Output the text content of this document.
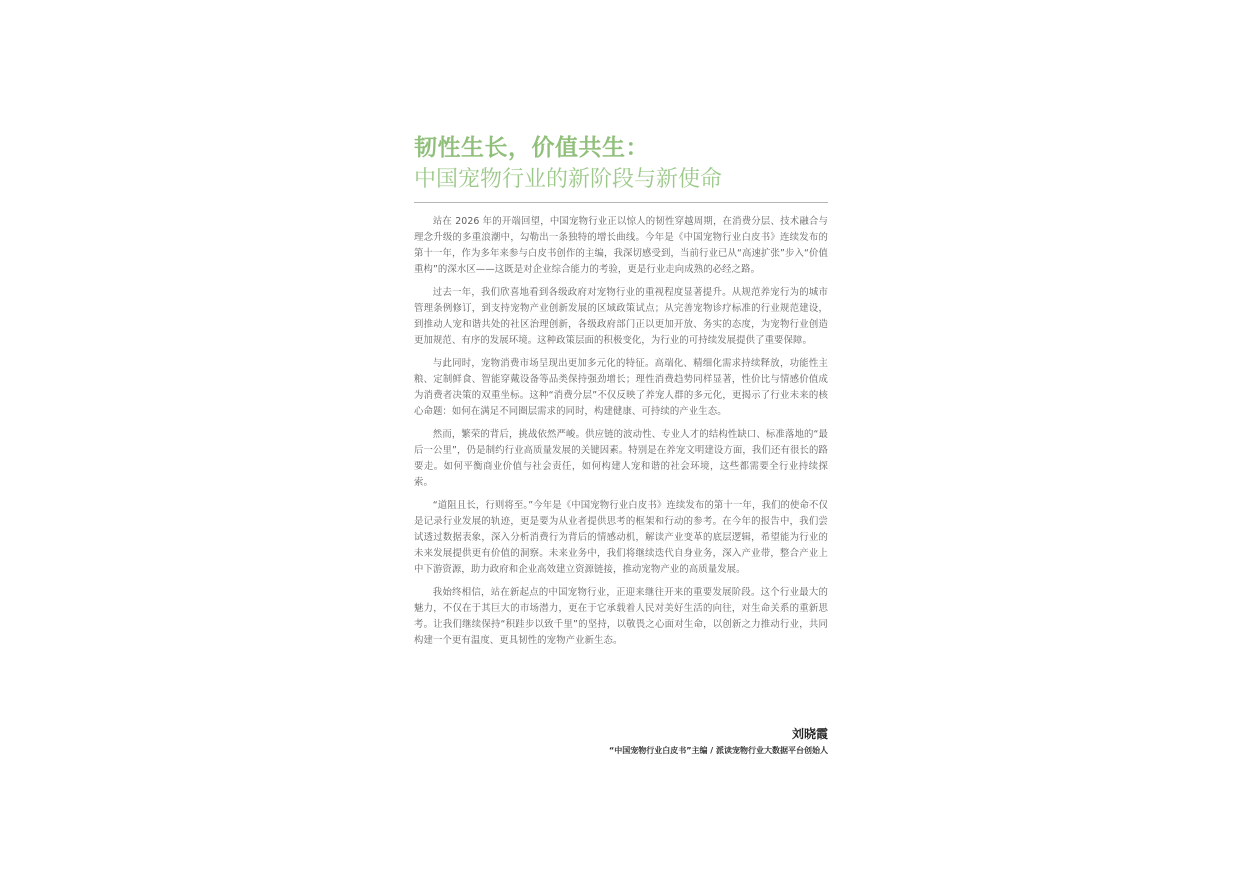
韧性生长，价值共生：
中国宠物行业的新阶段与新使命

站在 2026 年的开端回望，中国宠物行业正以惊人的韧性穿越周期，在消费分层、技术融合与理念升级的多重浪潮中，勾勒出一条独特的增长曲线。今年是《中国宠物行业白皮书》连续发布的第十一年，作为多年来参与白皮书创作的主编，我深切感受到，当前行业已从“高速扩张”步入“价值重构”的深水区——这既是对企业综合能力的考验，更是行业走向成熟的必经之路。

过去一年，我们欣喜地看到各级政府对宠物行业的重视程度显著提升。从规范养宠行为的城市管理条例修订，到支持宠物产业创新发展的区域政策试点；从完善宠物诊疗标准的行业规范建设，到推动人宠和谐共处的社区治理创新，各级政府部门正以更加开放、务实的态度，为宠物行业创造更加规范、有序的发展环境。这种政策层面的积极变化，为行业的可持续发展提供了重要保障。

与此同时，宠物消费市场呈现出更加多元化的特征。高端化、精细化需求持续释放，功能性主粮、定制鲜食、智能穿戴设备等品类保持强劲增长；理性消费趋势同样显著，性价比与情感价值成为消费者决策的双重坐标。这种“消费分层”不仅反映了养宠人群的多元化，更揭示了行业未来的核心命题：如何在满足不同圈层需求的同时，构建健康、可持续的产业生态。

然而，繁荣的背后，挑战依然严峻。供应链的波动性、专业人才的结构性缺口、标准落地的“最后一公里”，仍是制约行业高质量发展的关键因素。特别是在养宠文明建设方面，我们还有很长的路要走。如何平衡商业价值与社会责任，如何构建人宠和谐的社会环境，这些都需要全行业持续探索。

“道阻且长，行则将至。”今年是《中国宠物行业白皮书》连续发布的第十一年，我们的使命不仅是记录行业发展的轨迹，更是要为从业者提供思考的框架和行动的参考。在今年的报告中，我们尝试透过数据表象，深入分析消费行为背后的情感动机，解读产业变革的底层逻辑，希望能为行业的未来发展提供更有价值的洞察。未来业务中，我们将继续迭代自身业务，深入产业带，整合产业上中下游资源，助力政府和企业高效建立资源链接，推动宠物产业的高质量发展。

我始终相信，站在新起点的中国宠物行业，正迎来继往开来的重要发展阶段。这个行业最大的魅力，不仅在于其巨大的市场潜力，更在于它承载着人民对美好生活的向往，对生命关系的重新思考。让我们继续保持“积跬步以致千里”的坚持，以敬畏之心面对生命，以创新之力推动行业，共同构建一个更有温度、更具韧性的宠物产业新生态。

刘晓霞
“中国宠物行业白皮书”主编 / 派读宠物行业大数据平台创始人
